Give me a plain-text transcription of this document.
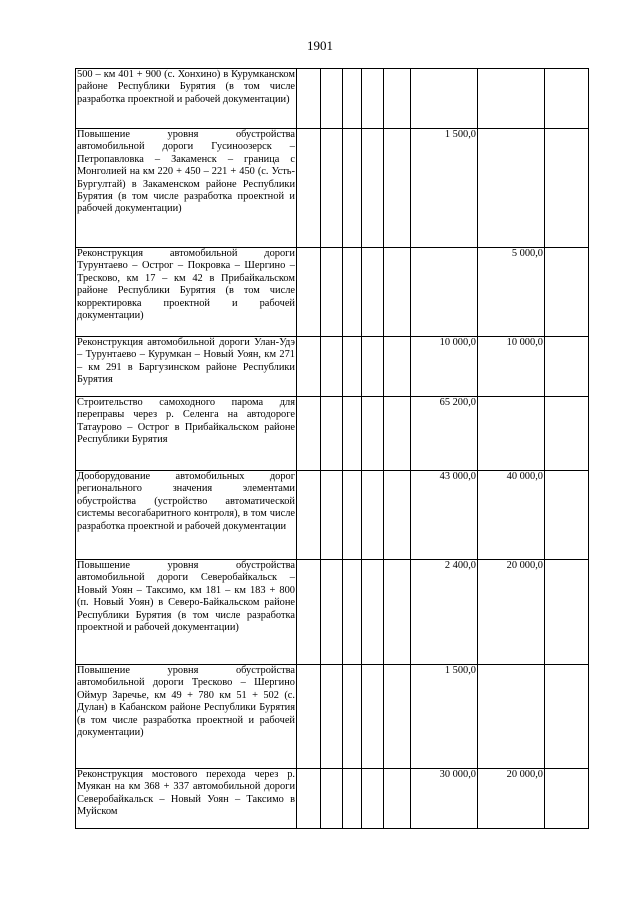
1901
500 – км 401 + 900 (с. Хонхино) в Курумканском районе Республики Бурятия (в том числе разработка проектной и рабочей документации)								
Повышение уровня обустройства автомобильной дороги Гусиноозерск – Петропавловка – Закаменск – граница с Монголией на км 220 + 450 – 221 + 450 (с. Усть-Бургултай) в Закаменском районе Республики Бурятия (в том числе разработка проектной и рабочей документации)						1 500,0		
Реконструкция автомобильной дороги Турунтаево – Острог – Покровка – Шергино – Тресково, км 17 – км 42 в Прибайкальском районе Республики Бурятия (в том числе корректировка проектной и рабочей документации)							5 000,0	
Реконструкция автомобильной дороги Улан-Удэ – Турунтаево – Курумкан – Новый Уоян, км 271 – км 291 в Баргузинском районе Республики Бурятия						10 000,0	10 000,0	
Строительство самоходного парома для переправы через р. Селенга на автодороге Татаурово – Острог в Прибайкальском районе Республики Бурятия						65 200,0		
Дооборудование автомобильных дорог регионального значения элементами обустройства (устройство автоматической системы весогабаритного контроля), в том числе разработка проектной и рабочей документации						43 000,0	40 000,0	
Повышение уровня обустройства автомобильной дороги Северобайкальск – Новый Уоян – Таксимо, км 181 – км 183 + 800 (п. Новый Уоян) в Северо-Байкальском районе Республики Бурятия (в том числе разработка проектной и рабочей документации)						2 400,0	20 000,0	
Повышение уровня обустройства автомобильной дороги Тресково – Шергино Оймур Заречье, км 49 + 780 км 51 + 502 (с. Дулан) в Кабанском районе Республики Бурятия (в том числе разработка проектной и рабочей документации)						1 500,0		
Реконструкция мостового перехода через р. Муякан на км 368 + 337 автомобильной дороги Северобайкальск – Новый Уоян – Таксимо в Муйском						30 000,0	20 000,0	
